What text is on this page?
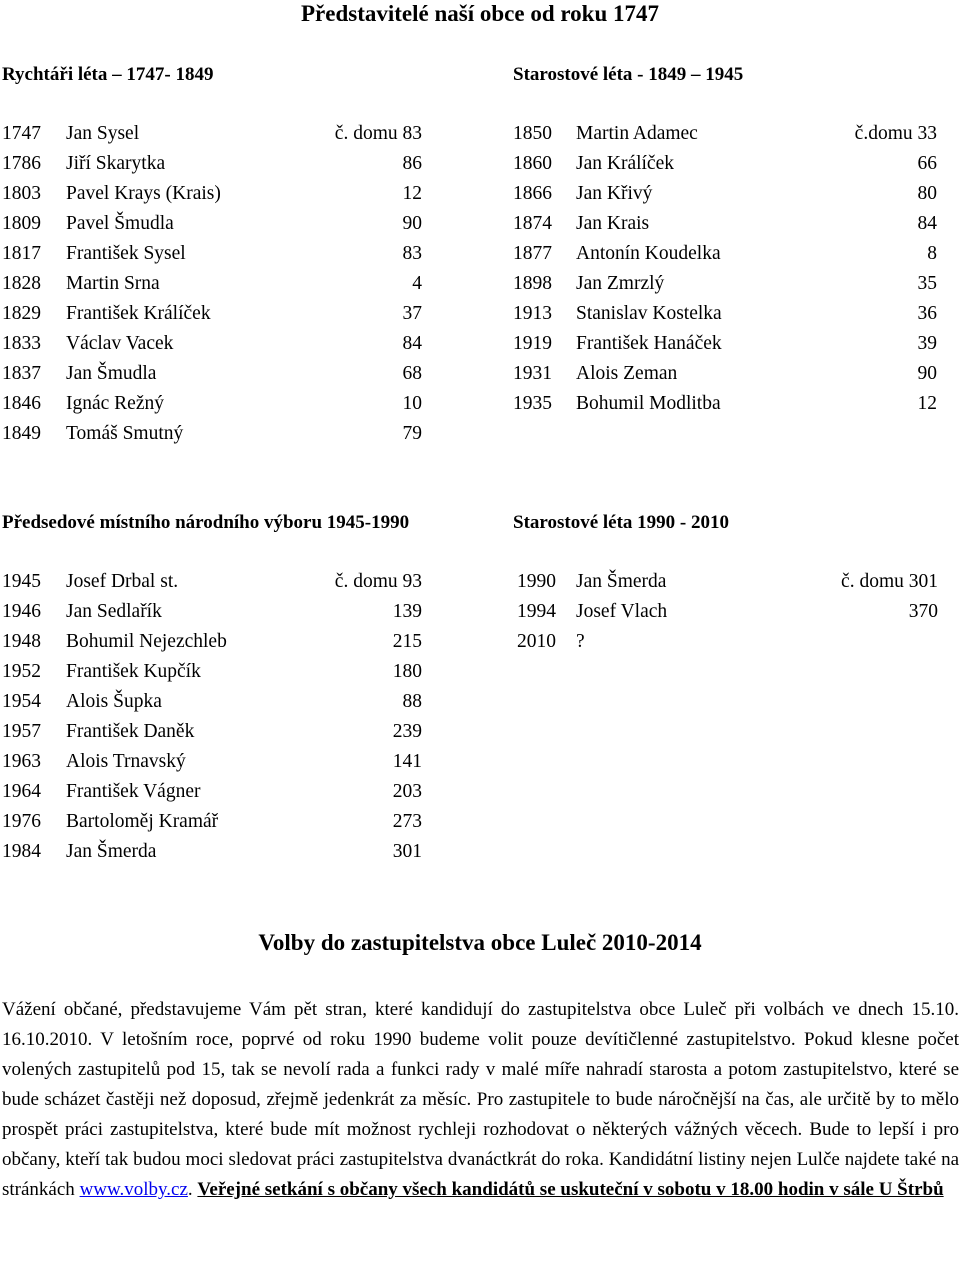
Představitelé naší obce od roku 1747
Rychtáři léta – 1747- 1849	Starostové léta - 1849 – 1945
1747 Jan Sysel	č. domu 83
1786 Jiří Skarytka	86
1803 Pavel Krays (Krais)	12
1809 Pavel Šmudla	90
1817 František Sysel	83
1828 Martin Srna	4
1829 František Králíček	37
1833 Václav Vacek	84
1837 Jan Šmudla	68
1846 Ignác Režný	10
1849 Tomáš Smutný	79
1850 Martin Adamec	č.domu 33
1860 Jan Králíček	66
1866 Jan Křivý	80
1874 Jan Krais	84
1877 Antonín Koudelka	8
1898 Jan Zmrzlý	35
1913 Stanislav Kostelka	36
1919 František Hanáček	39
1931 Alois Zeman	90
1935 Bohumil Modlitba	12
Předsedové místního národního výboru 1945-1990	Starostové léta 1990 - 2010
1945 Josef Drbal st.	č. domu 93
1946 Jan Sedlařík	139
1948 Bohumil Nejezchleb	215
1952 František Kupčík	180
1954 Alois Šupka	88
1957 František Daněk	239
1963 Alois Trnavský	141
1964 František Vágner	203
1976 Bartoloměj Kramář	273
1984 Jan Šmerda	301
1990 Jan Šmerda	č. domu 301
1994 Josef Vlach	370
2010 ?
Volby do zastupitelstva obce Luleč 2010-2014
Vážení občané, představujeme Vám pět stran, které kandidují do zastupitelstva obce Luleč při volbách ve dnech 15.10. 16.10.2010. V letošním roce, poprvé od roku 1990 budeme volit pouze devítičlenné zastupitelstvo. Pokud klesne počet volených zastupitelů pod 15, tak se nevolí rada a funkci rady v malé míře nahradí starosta a potom zastupitelstvo, které se bude scházet častěji než doposud, zřejmě jedenkrát za měsíc. Pro zastupitele to bude náročnější na čas, ale určitě by to mělo prospět práci zastupitelstva, které bude mít možnost rychleji rozhodovat o některých vážných věcech. Bude to lepší i pro občany, kteří tak budou moci sledovat práci zastupitelstva dvanáctkrát do roka. Kandidátní listiny nejen Lulče najdete také na stránkách www.volby.cz. Veřejné setkání s občany všech kandidátů se uskuteční v sobotu v 18.00 hodin v sále U Štrbů
